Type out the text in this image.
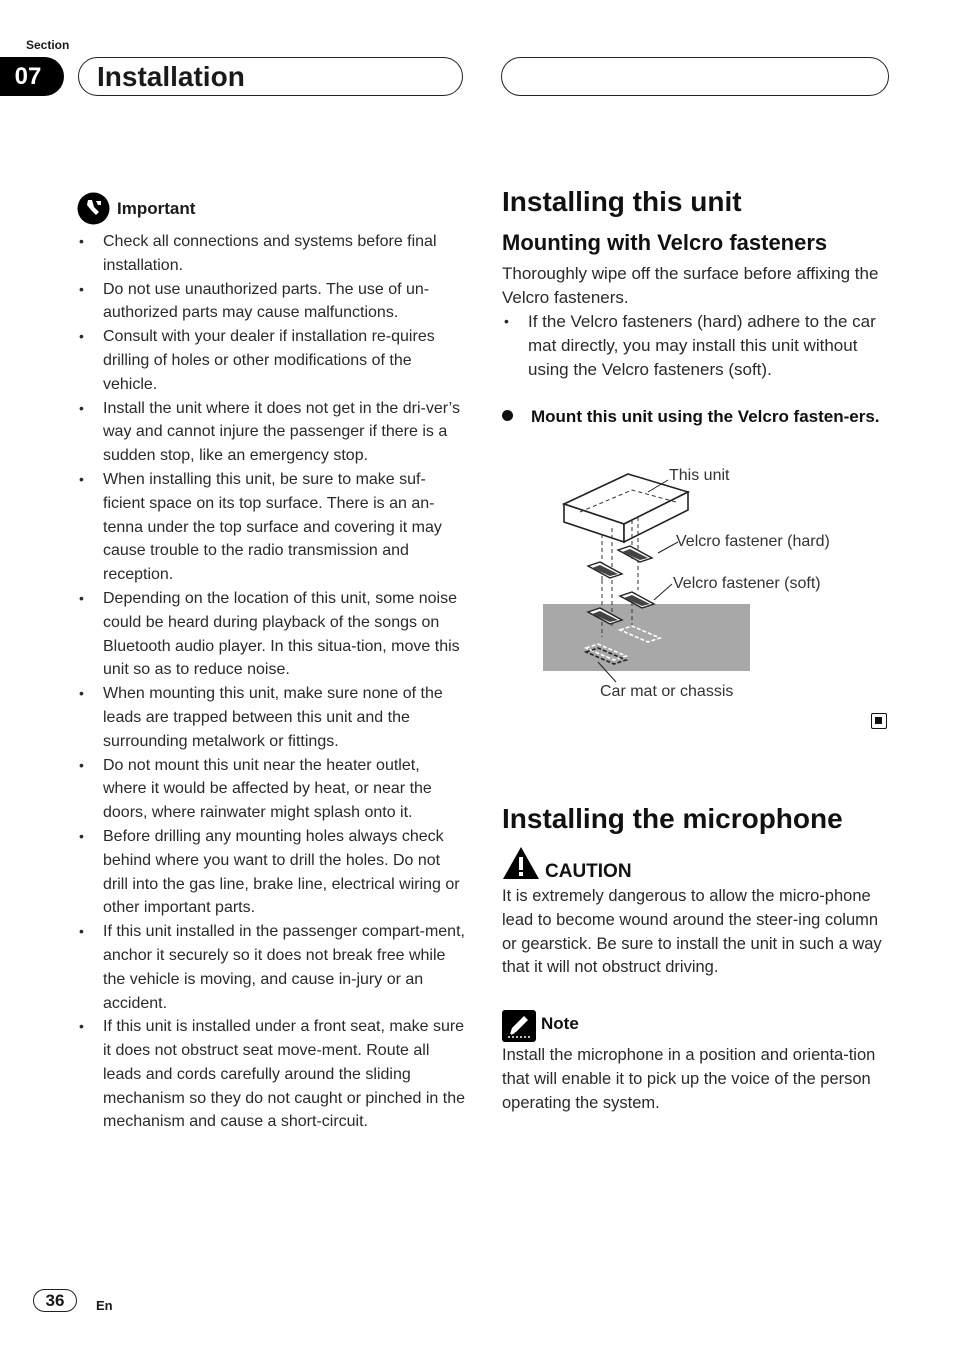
Section
07	Installation
Important
• Check all connections and systems before final installation.
• Do not use unauthorized parts. The use of un-authorized parts may cause malfunctions.
• Consult with your dealer if installation re-quires drilling of holes or other modifications of the vehicle.
• Install the unit where it does not get in the dri-ver’s way and cannot injure the passenger if there is a sudden stop, like an emergency stop.
• When installing this unit, be sure to make suf-ficient space on its top surface. There is an an-tenna under the top surface and covering it may cause trouble to the radio transmission and reception.
• Depending on the location of this unit, some noise could be heard during playback of the songs on Bluetooth audio player. In this situa-tion, move this unit so as to reduce noise.
• When mounting this unit, make sure none of the leads are trapped between this unit and the surrounding metalwork or fittings.
• Do not mount this unit near the heater outlet, where it would be affected by heat, or near the doors, where rainwater might splash onto it.
• Before drilling any mounting holes always check behind where you want to drill the holes. Do not drill into the gas line, brake line, electrical wiring or other important parts.
• If this unit installed in the passenger compart-ment, anchor it securely so it does not break free while the vehicle is moving, and cause in-jury or an accident.
• If this unit is installed under a front seat, make sure it does not obstruct seat move-ment. Route all leads and cords carefully around the sliding mechanism so they do not caught or pinched in the mechanism and cause a short-circuit.
Installing this unit
Mounting with Velcro fasteners
Thoroughly wipe off the surface before affixing the Velcro fasteners.
• If the Velcro fasteners (hard) adhere to the car mat directly, you may install this unit without using the Velcro fasteners (soft).
Mount this unit using the Velcro fasten-ers.
This unit
Velcro fastener (hard)
Velcro fastener (soft)
Car mat or chassis
Installing the microphone
CAUTION
It is extremely dangerous to allow the micro-phone lead to become wound around the steer-ing column or gearstick. Be sure to install the unit in such a way that it will not obstruct driving.
Note
Install the microphone in a position and orienta-tion that will enable it to pick up the voice of the person operating the system.
36	En
